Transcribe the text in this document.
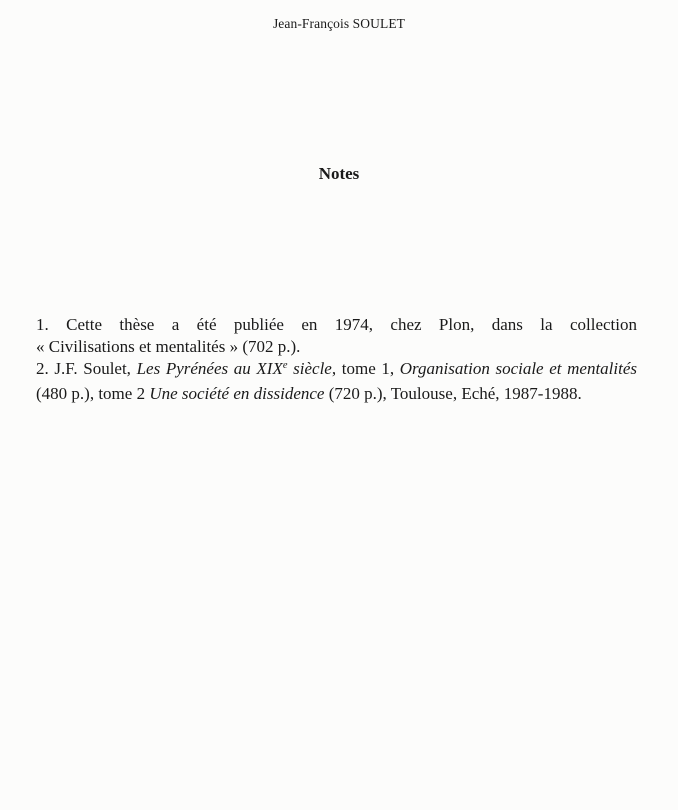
Jean-François SOULET
Notes
1. Cette thèse a été publiée en 1974, chez Plon, dans la collection
« Civilisations et mentalités » (702 p.).
2. J.F. Soulet, Les Pyrénées au XIXe siècle, tome 1, Organisation sociale et mentalités (480 p.), tome 2 Une société en dissidence (720 p.), Toulouse, Eché, 1987-1988.
